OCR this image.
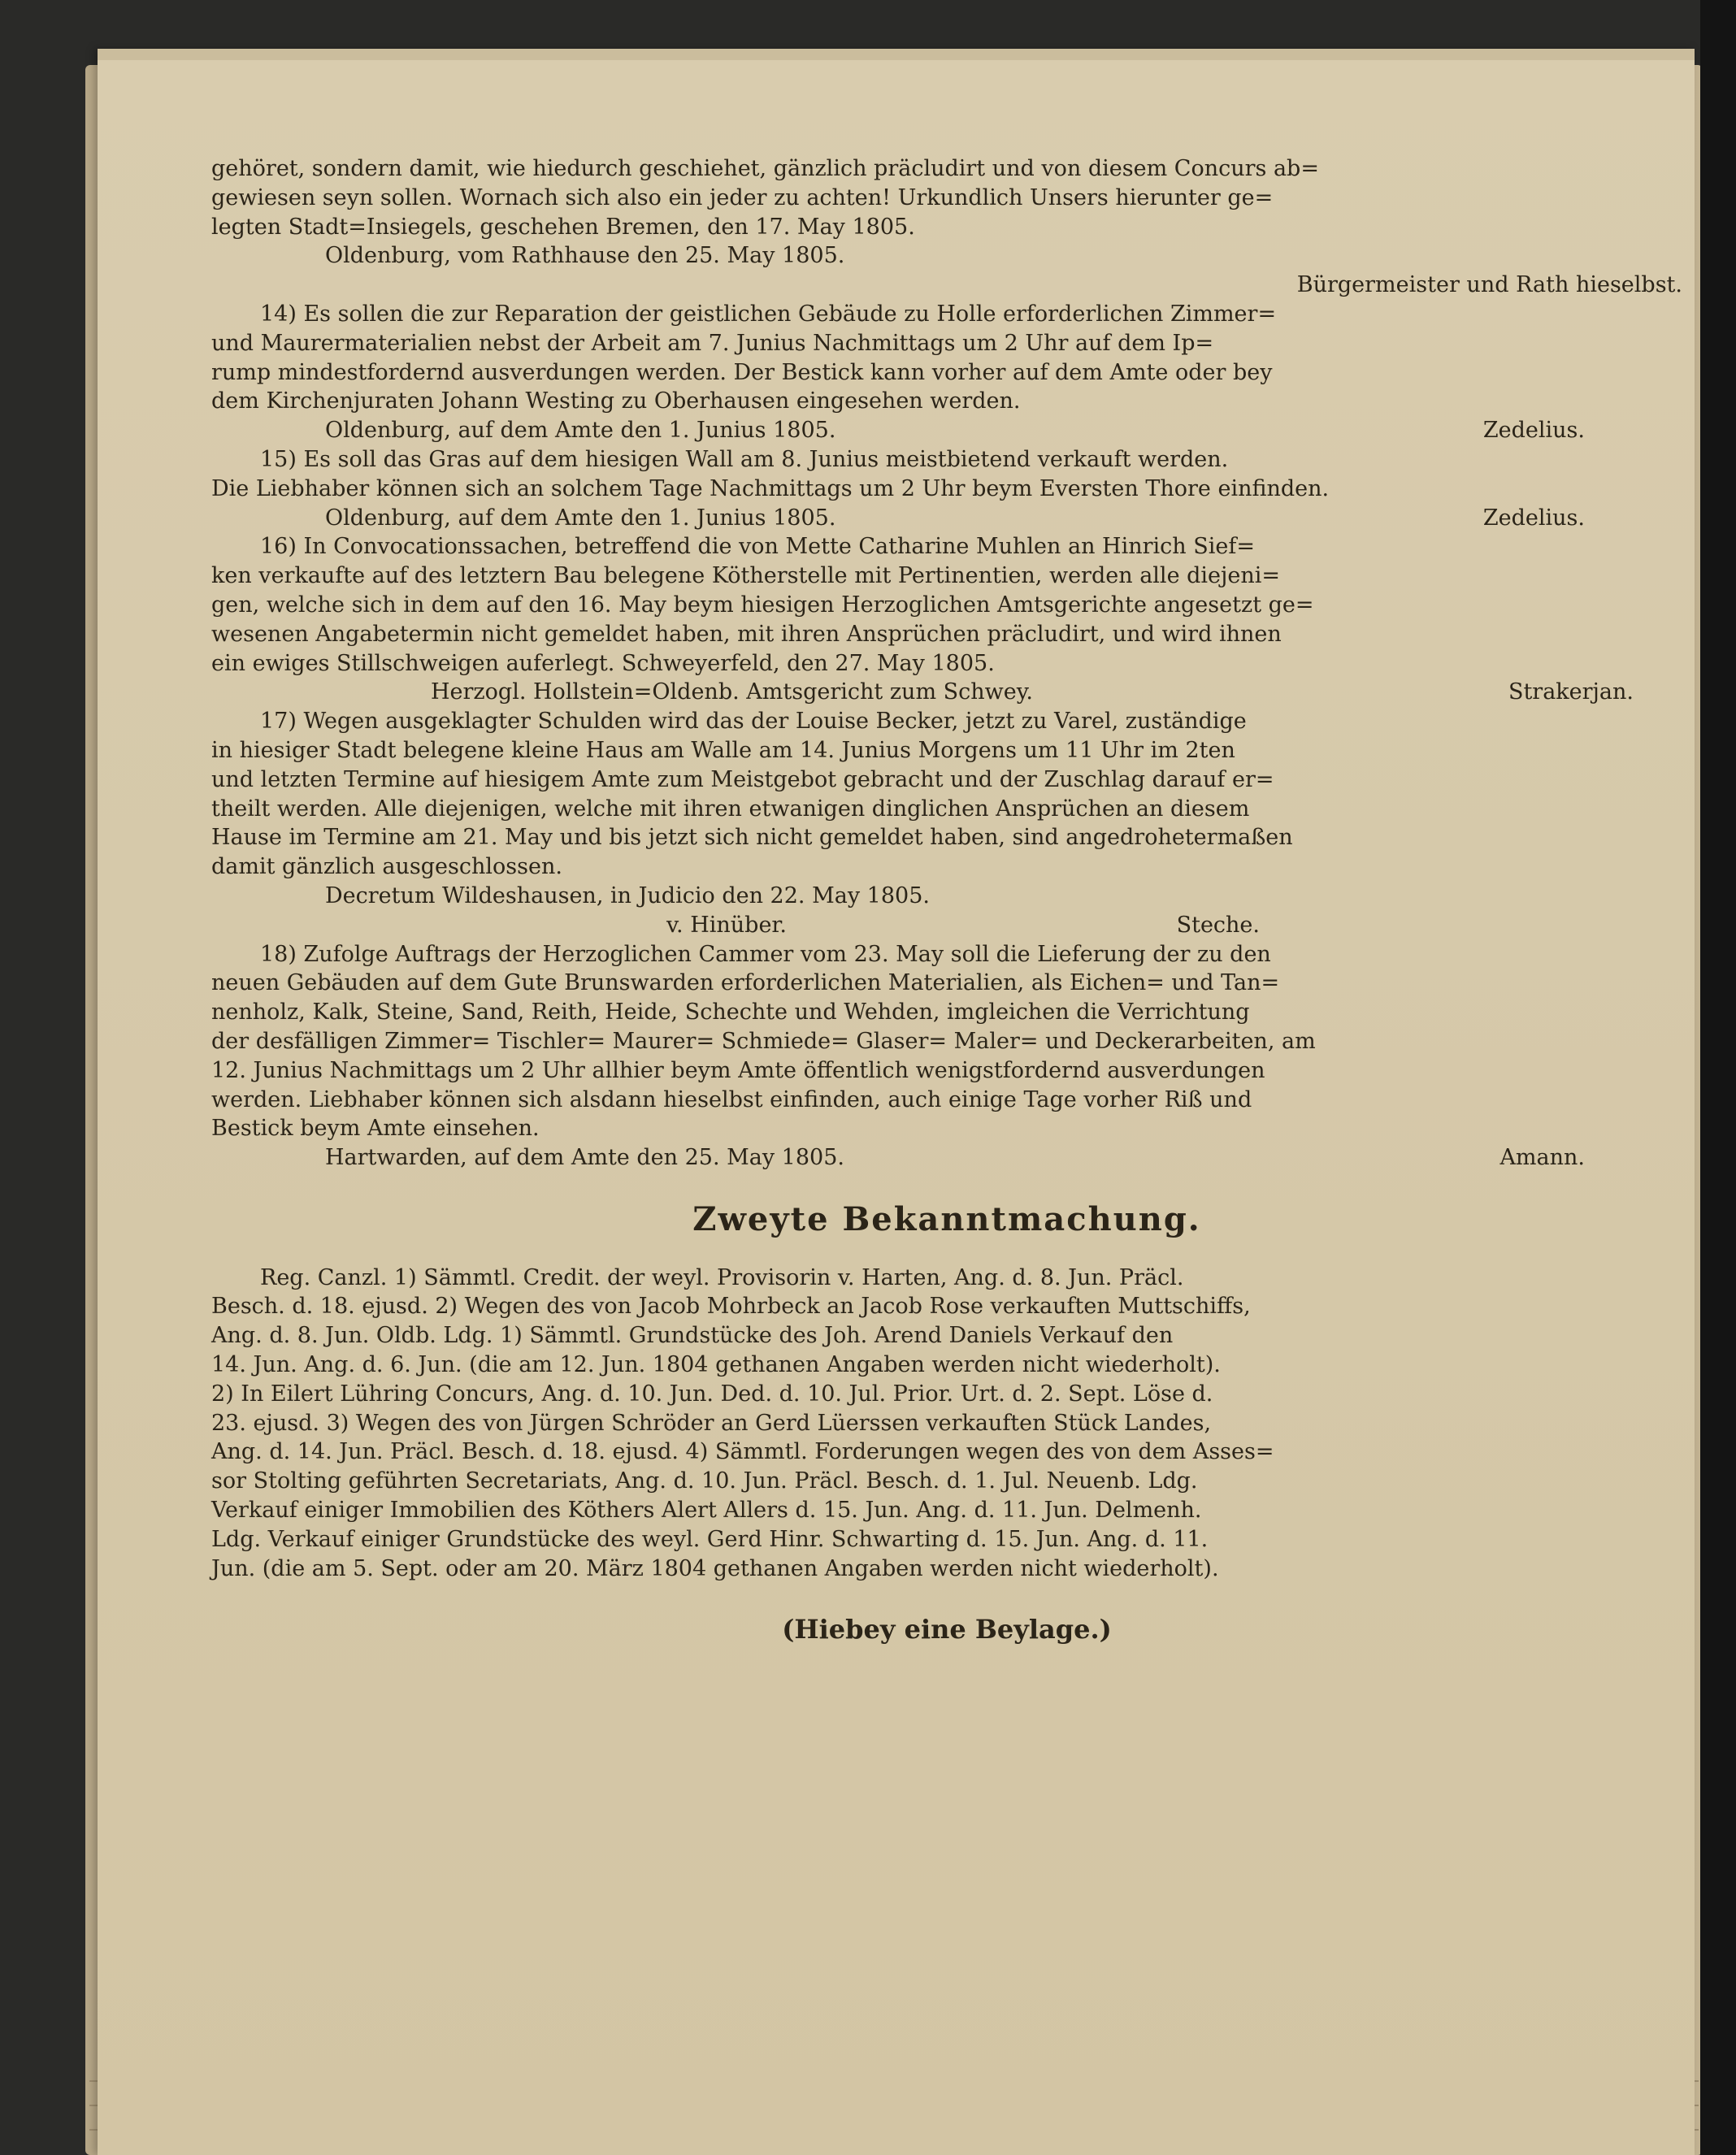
gehöret, sondern damit, wie hiedurch geschiehet, gänzlich präcludirt und von diesem Concurs ab=

gewiesen seyn sollen. Wornach sich also ein jeder zu achten! Urkundlich Unsers hierunter ge=

legten Stadt=Insiegels, geschehen Bremen, den 17. May 1805.

Oldenburg, vom Rathhause den 25. May 1805.

Bürgermeister und Rath hieselbst.

14) Es sollen die zur Reparation der geistlichen Gebäude zu Holle erforderlichen Zimmer=

und Maurermaterialien nebst der Arbeit am 7. Junius Nachmittags um 2 Uhr auf dem Ip=

rump mindestfordernd ausverdungen werden. Der Bestick kann vorher auf dem Amte oder bey

dem Kirchenjuraten Johann Westing zu Oberhausen eingesehen werden.

Oldenburg, auf dem Amte den 1. Junius 1805.	Zedelius.

15) Es soll das Gras auf dem hiesigen Wall am 8. Junius meistbietend verkauft werden.

Die Liebhaber können sich an solchem Tage Nachmittags um 2 Uhr beym Eversten Thore einfinden.

Oldenburg, auf dem Amte den 1. Junius 1805.	Zedelius.

16) In Convocationssachen, betreffend die von Mette Catharine Muhlen an Hinrich Sief=

ken verkaufte auf des letztern Bau belegene Kötherstelle mit Pertinentien, werden alle diejeni=

gen, welche sich in dem auf den 16. May beym hiesigen Herzoglichen Amtsgerichte angesetzt ge=

wesenen Angabetermin nicht gemeldet haben, mit ihren Ansprüchen präcludirt, und wird ihnen

ein ewiges Stillschweigen auferlegt. Schweyerfeld, den 27. May 1805.

Herzogl. Hollstein=Oldenb. Amtsgericht zum Schwey.	Strakerjan.

17) Wegen ausgeklagter Schulden wird das der Louise Becker, jetzt zu Varel, zuständige

in hiesiger Stadt belegene kleine Haus am Walle am 14. Junius Morgens um 11 Uhr im 2ten

und letzten Termine auf hiesigem Amte zum Meistgebot gebracht und der Zuschlag darauf er=

theilt werden. Alle diejenigen, welche mit ihren etwanigen dinglichen Ansprüchen an diesem

Hause im Termine am 21. May und bis jetzt sich nicht gemeldet haben, sind angedrohetermaßen

damit gänzlich ausgeschlossen.

Decretum Wildeshausen, in Judicio den 22. May 1805.

v. Hinüber.	Steche.

18) Zufolge Auftrags der Herzoglichen Cammer vom 23. May soll die Lieferung der zu den

neuen Gebäuden auf dem Gute Brunswarden erforderlichen Materialien, als Eichen= und Tan=

nenholz, Kalk, Steine, Sand, Reith, Heide, Schechte und Wehden, imgleichen die Verrichtung

der desfälligen Zimmer= Tischler= Maurer= Schmiede= Glaser= Maler= und Deckerarbeiten, am

12. Junius Nachmittags um 2 Uhr allhier beym Amte öffentlich wenigstfordernd ausverdungen

werden. Liebhaber können sich alsdann hieselbst einfinden, auch einige Tage vorher Riß und

Bestick beym Amte einsehen.

Hartwarden, auf dem Amte den 25. May 1805.	Amann.

Zweyte Bekanntmachung.

Reg. Canzl. 1) Sämmtl. Credit. der weyl. Provisorin v. Harten, Ang. d. 8. Jun. Präcl.

Besch. d. 18. ejusd. 2) Wegen des von Jacob Mohrbeck an Jacob Rose verkauften Muttschiffs,

Ang. d. 8. Jun. Oldb. Ldg. 1) Sämmtl. Grundstücke des Joh. Arend Daniels Verkauf den

14. Jun. Ang. d. 6. Jun. (die am 12. Jun. 1804 gethanen Angaben werden nicht wiederholt).

2) In Eilert Lühring Concurs, Ang. d. 10. Jun. Ded. d. 10. Jul. Prior. Urt. d. 2. Sept. Löse d.

23. ejusd. 3) Wegen des von Jürgen Schröder an Gerd Lüerssen verkauften Stück Landes,

Ang. d. 14. Jun. Präcl. Besch. d. 18. ejusd. 4) Sämmtl. Forderungen wegen des von dem Asses=

sor Stolting geführten Secretariats, Ang. d. 10. Jun. Präcl. Besch. d. 1. Jul. Neuenb. Ldg.

Verkauf einiger Immobilien des Köthers Alert Allers d. 15. Jun. Ang. d. 11. Jun. Delmenh.

Ldg. Verkauf einiger Grundstücke des weyl. Gerd Hinr. Schwarting d. 15. Jun. Ang. d. 11.

Jun. (die am 5. Sept. oder am 20. März 1804 gethanen Angaben werden nicht wiederholt).

(Hiebey eine Beylage.)
